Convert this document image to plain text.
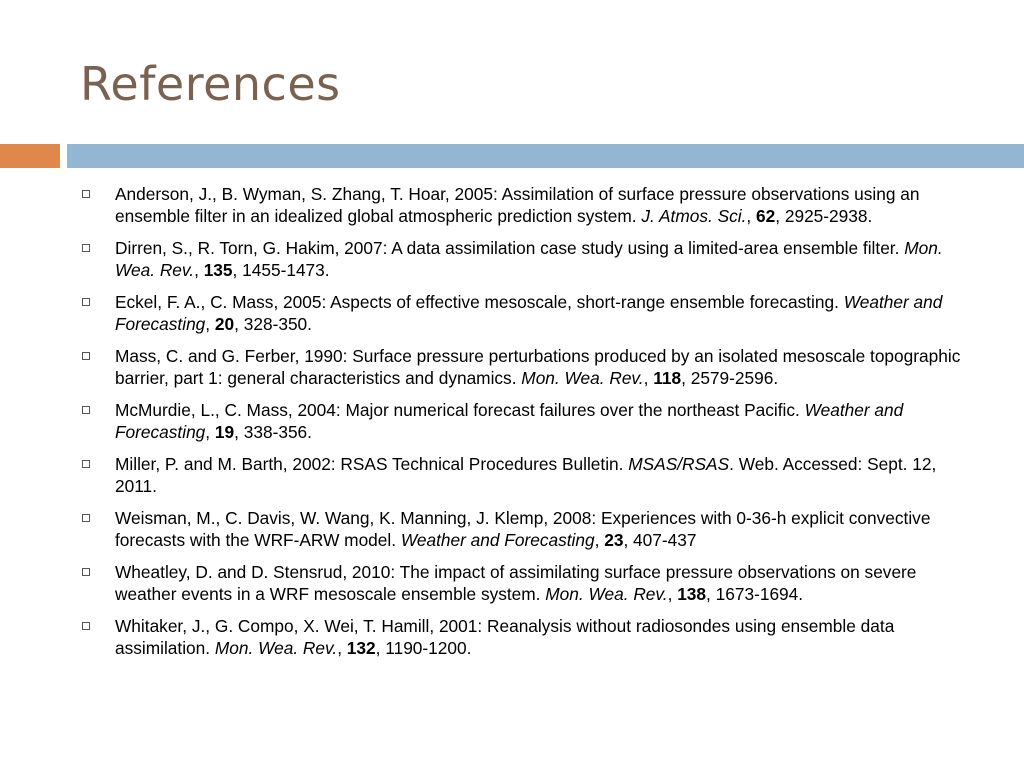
References
Anderson, J., B. Wyman, S. Zhang, T. Hoar, 2005: Assimilation of surface pressure observations using an ensemble filter in an idealized global atmospheric prediction system. J. Atmos. Sci., 62, 2925-2938.
Dirren, S., R. Torn, G. Hakim, 2007: A data assimilation case study using a limited-area ensemble filter. Mon. Wea. Rev., 135, 1455-1473.
Eckel, F. A., C. Mass, 2005: Aspects of effective mesoscale, short-range ensemble forecasting. Weather and Forecasting, 20, 328-350.
Mass, C. and G. Ferber, 1990: Surface pressure perturbations produced by an isolated mesoscale topographic barrier, part 1: general characteristics and dynamics. Mon. Wea. Rev., 118, 2579-2596.
McMurdie, L., C. Mass, 2004: Major numerical forecast failures over the northeast Pacific. Weather and Forecasting, 19, 338-356.
Miller, P. and M. Barth, 2002: RSAS Technical Procedures Bulletin. MSAS/RSAS. Web. Accessed: Sept. 12, 2011.
Weisman, M., C. Davis, W. Wang, K. Manning, J. Klemp, 2008: Experiences with 0-36-h explicit convective forecasts with the WRF-ARW model. Weather and Forecasting, 23, 407-437
Wheatley, D. and D. Stensrud, 2010: The impact of assimilating surface pressure observations on severe weather events in a WRF mesoscale ensemble system. Mon. Wea. Rev., 138, 1673-1694.
Whitaker, J., G. Compo, X. Wei, T. Hamill, 2001: Reanalysis without radiosondes using ensemble data assimilation. Mon. Wea. Rev., 132, 1190-1200.
